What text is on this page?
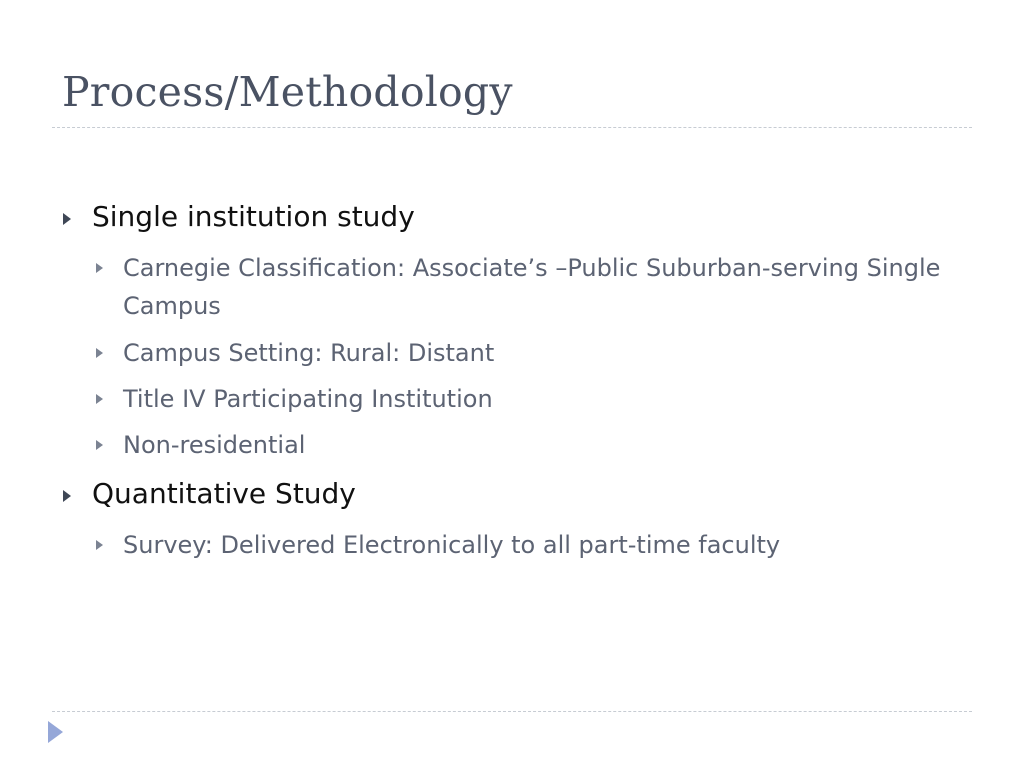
Process/Methodology
Single institution study
Carnegie Classification: Associate’s –Public Suburban-serving Single Campus
Campus Setting: Rural: Distant
Title IV Participating Institution
Non-residential
Quantitative Study
Survey: Delivered Electronically to all part-time faculty
